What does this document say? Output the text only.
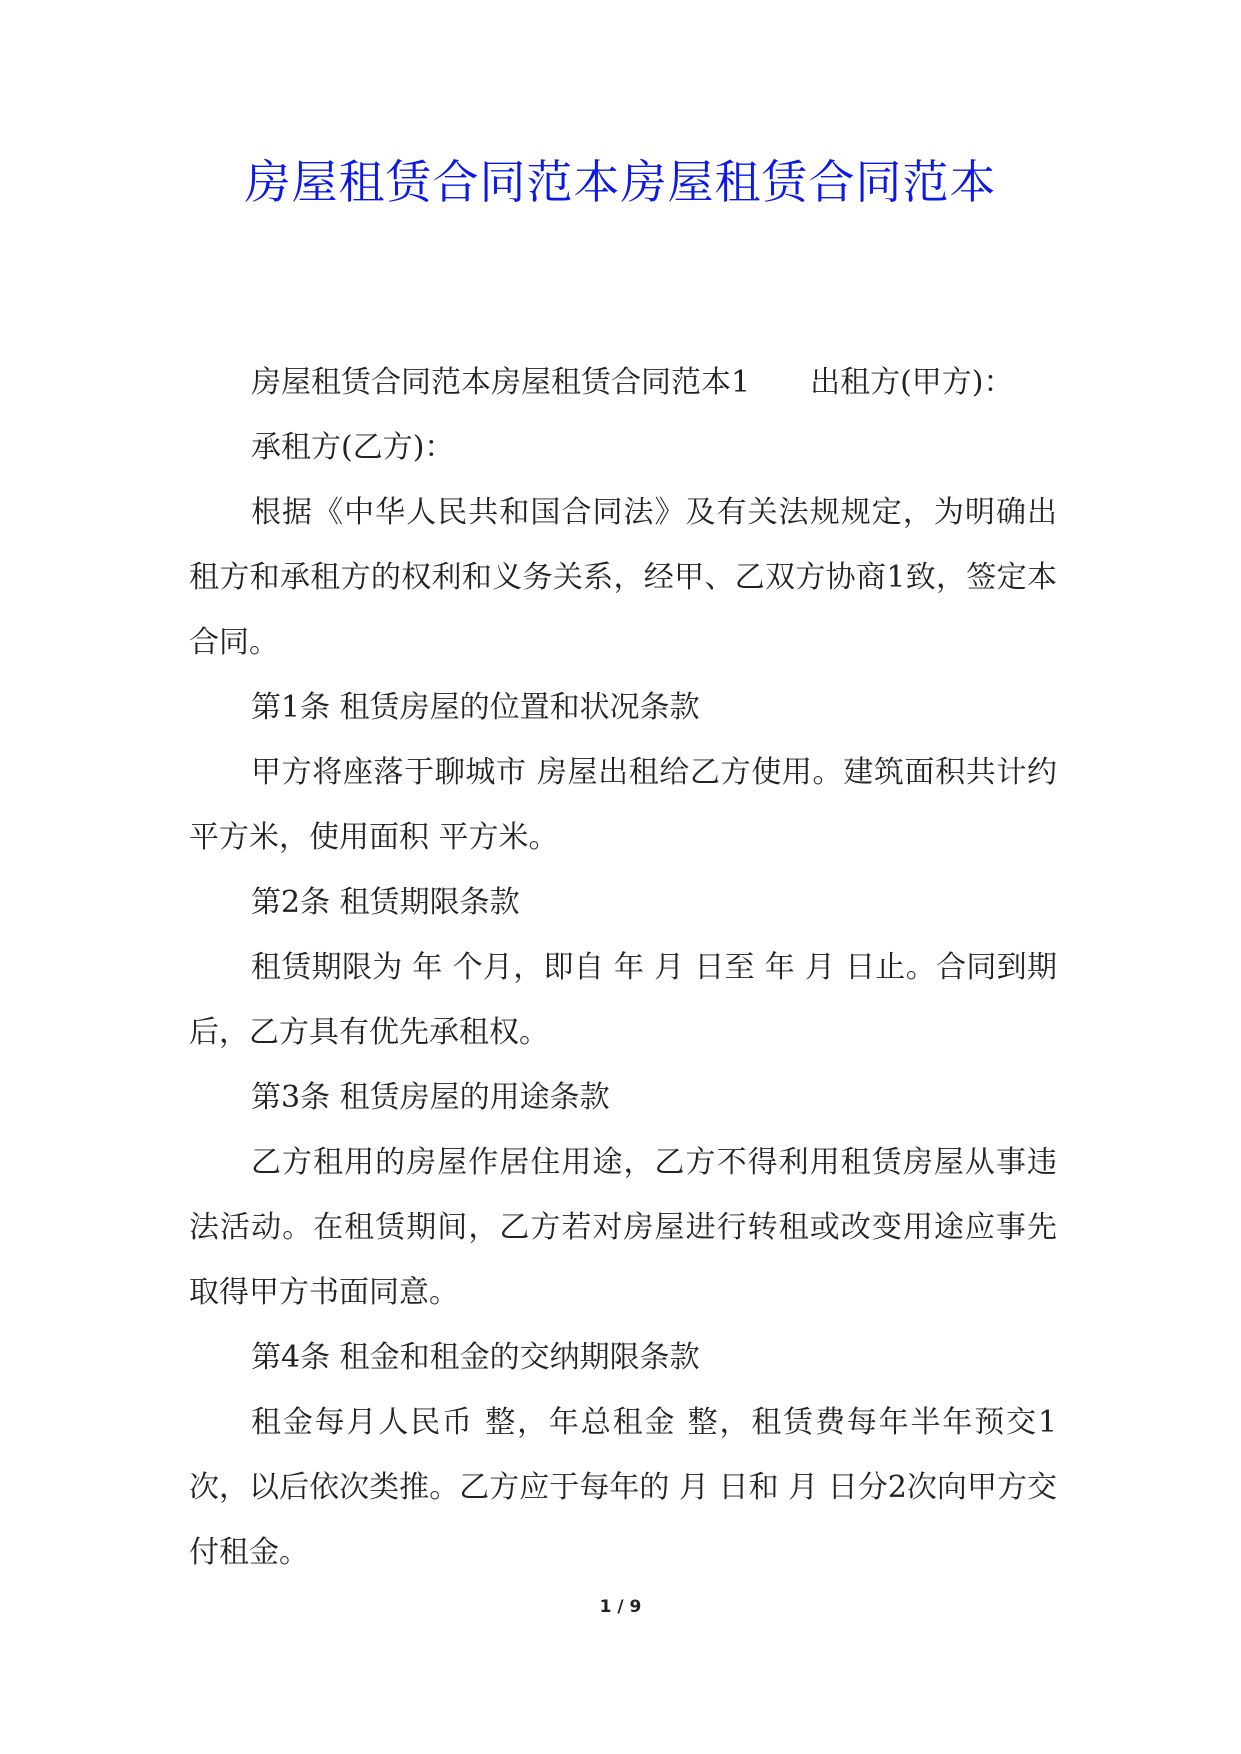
房屋租赁合同范本房屋租赁合同范本

房屋租赁合同范本房屋租赁合同范本1 出租方(甲方)：

承租方(乙方)：

根据《中华人民共和国合同法》及有关法规规定，为明确出租方和承租方的权利和义务关系，经甲、乙双方协商1致，签定本合同。

第1条 租赁房屋的位置和状况条款

甲方将座落于聊城市 房屋出租给乙方使用。建筑面积共计约 平方米，使用面积 平方米。

第2条 租赁期限条款

租赁期限为 年 个月，即自 年 月 日至 年 月 日止。合同到期后，乙方具有优先承租权。

第3条 租赁房屋的用途条款

乙方租用的房屋作居住用途，乙方不得利用租赁房屋从事违法活动。在租赁期间，乙方若对房屋进行转租或改变用途应事先取得甲方书面同意。

第4条 租金和租金的交纳期限条款

租金每月人民币 整，年总租金 整，租赁费每年半年预交1次，以后依次类推。乙方应于每年的 月 日和 月 日分2次向甲方交付租金。

1 / 9
